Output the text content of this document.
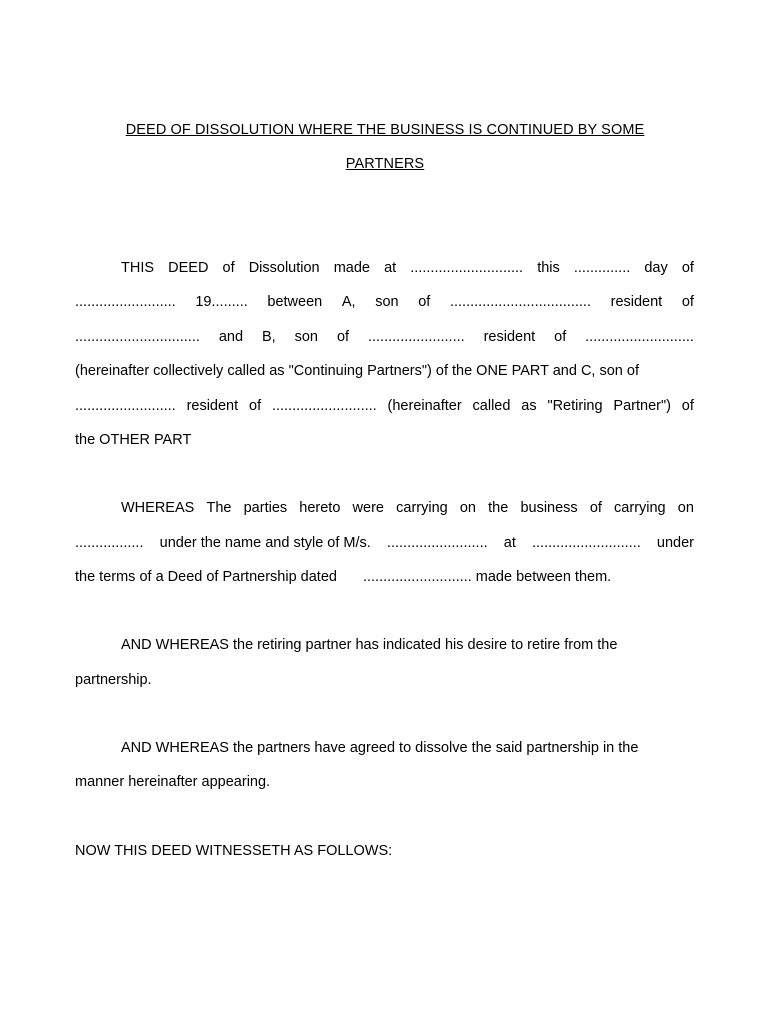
DEED OF DISSOLUTION WHERE THE BUSINESS IS CONTINUED BY SOME
PARTNERS
THIS DEED of Dissolution made at ............................ this .............. day of
......................... 19......... between A, son of ................................... resident of
............................... and B, son of ........................ resident of ...........................
(hereinafter collectively called as "Continuing Partners") of the ONE PART and C, son of
......................... resident of .......................... (hereinafter called as "Retiring Partner") of
the OTHER PART
WHEREAS The parties hereto were carrying on the business of carrying on
................. under the name and style of M/s. ......................... at ........................... under
the terms of a Deed of Partnership dated ........................... made between them.
AND WHEREAS the retiring partner has indicated his desire to retire from the
partnership.
AND WHEREAS the partners have agreed to dissolve the said partnership in the
manner hereinafter appearing.
NOW THIS DEED WITNESSETH AS FOLLOWS:
